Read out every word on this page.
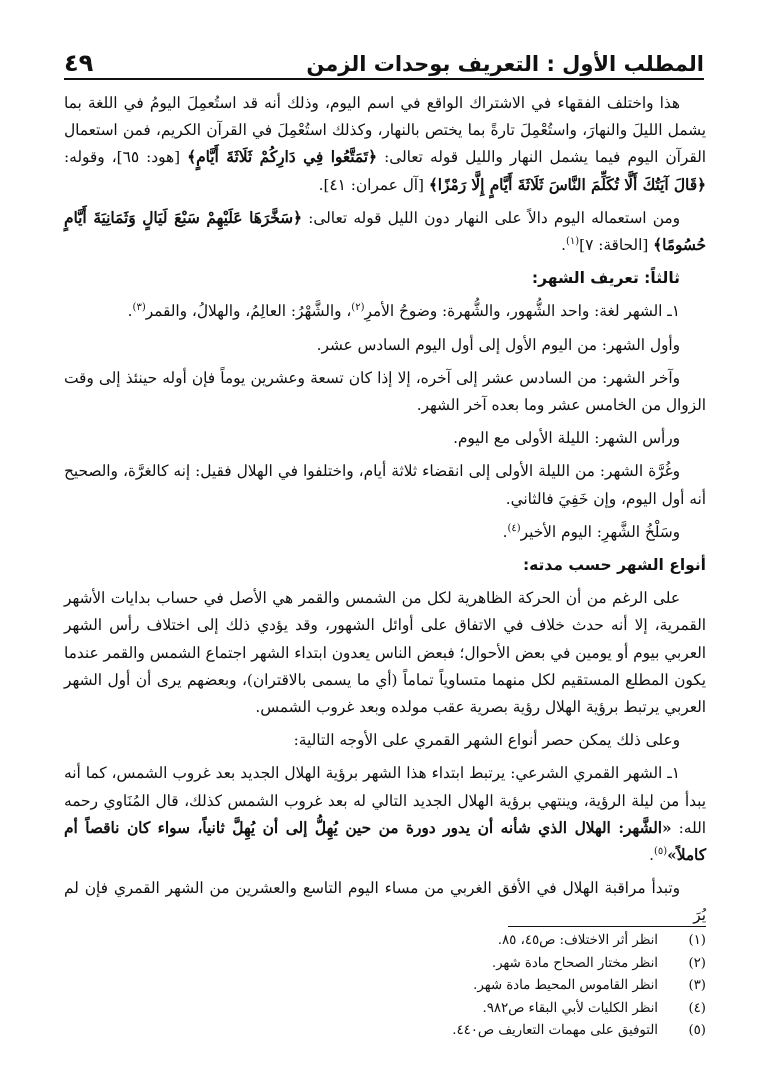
٤٩	المطلب الأول : التعريف بوحدات الزمن

هذا واختلف الفقهاء في الاشتراك الواقع في اسم اليوم، وذلك أنه قد استُعمِلَ اليومُ في اللغة بما يشمل الليلَ والنهارَ، واستُعْمِلَ تارةً بما يختص بالنهار، وكذلك استُعْمِلَ في القرآن الكريم، فمن استعمال القرآن اليوم فيما يشمل النهار والليل قوله تعالى: ﴿تَمَتَّعُوا فِي دَارِكُمْ ثَلَاثَةَ أَيَّامٍ﴾ [هود: ٦٥]، وقوله: ﴿قَالَ آيَتُكَ أَلَّا تُكَلِّمَ النَّاسَ ثَلَاثَةَ أَيَّامٍ إِلَّا رَمْزًا﴾ [آل عمران: ٤١].

ومن استعماله اليوم دالاً على النهار دون الليل قوله تعالى: ﴿سَخَّرَهَا عَلَيْهِمْ سَبْعَ لَيَالٍ وَثَمَانِيَةَ أَيَّامٍ حُسُومًا﴾ [الحاقة: ٧]$^{(١)}$.

ثالثاً: تعريف الشهر:

١ـ الشهر لغة: واحد الشُّهور، والشُّهرة: وضوحُ الأمرِ$^{(٢)}$، والشَّهْرُ: العالِمُ، والهلالُ، والقمر$^{(٣)}$.

وأول الشهر: من اليوم الأول إلى أول اليوم السادس عشر.

وآخر الشهر: من السادس عشر إلى آخره، إلا إذا كان تسعة وعشرين يوماً فإن أوله حينئذ إلى وقت الزوال من الخامس عشر وما بعده آخر الشهر.

ورأس الشهر: الليلة الأولى مع اليوم.

وغُرَّة الشهر: من الليلة الأولى إلى انقضاء ثلاثة أيام، واختلفوا في الهلال فقيل: إنه كالغرَّة، والصحيح أنه أول اليوم، وإن خَفِيَ فالثاني.

وسَلْخُ الشَّهرِ: اليوم الأخير$^{(٤)}$.

أنواع الشهر حسب مدته:

على الرغم من أن الحركة الظاهرية لكل من الشمس والقمر هي الأصل في حساب بدايات الأشهر القمرية، إلا أنه حدث خلاف في الاتفاق على أوائل الشهور، وقد يؤدي ذلك إلى اختلاف رأس الشهر العربي بيوم أو يومين في بعض الأحوال؛ فبعض الناس يعدون ابتداء الشهر اجتماع الشمس والقمر عندما يكون المطلع المستقيم لكل منهما متساوياً تماماً (أي ما يسمى بالاقتران)، وبعضهم يرى أن أول الشهر العربي يرتبط برؤية الهلال رؤية بصرية عقب مولده وبعد غروب الشمس.

وعلى ذلك يمكن حصر أنواع الشهر القمري على الأوجه التالية:

١ـ الشهر القمري الشرعي: يرتبط ابتداء هذا الشهر برؤية الهلال الجديد بعد غروب الشمس، كما أنه يبدأ من ليلة الرؤية، وينتهي برؤية الهلال الجديد التالي له بعد غروب الشمس كذلك، قال المُنَاوي رحمه الله: «الشَّهر: الهلال الذي شأنه أن يدور دورة من حين يُهِلُّ إلى أن يُهِلَّ ثانياً، سواء كان ناقصاً أم كاملاً»$^{(٥)}$.

وتبدأ مراقبة الهلال في الأفق الغربي من مساء اليوم التاسع والعشرين من الشهر القمري فإن لم يُرَ

(١)
انظر أثر الاختلاف: ص٤٥، ٨٥.
(٢)
انظر مختار الصحاح مادة شهر.
(٣)
انظر القاموس المحيط مادة شهر.
(٤)
انظر الكليات لأبي البقاء ص٩٨٢.
(٥)
التوفيق على مهمات التعاريف ص٤٤٠.
